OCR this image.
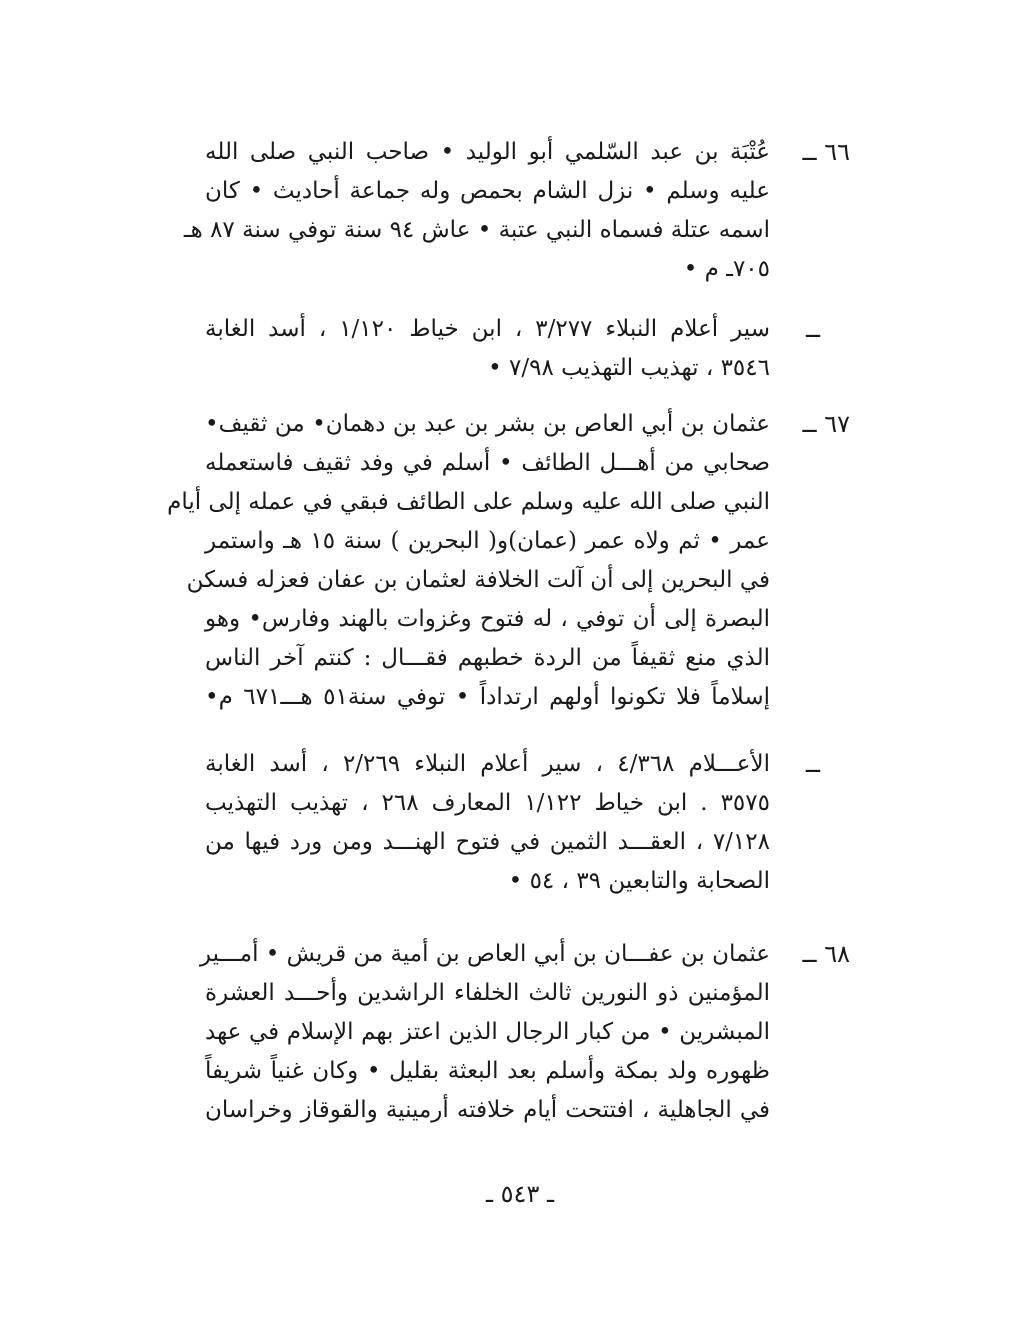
٦٦ ــ
عُتْبَة بن عبد السّلمي أبو الوليد • صاحب النبي صلى الله
عليه وسلم • نزل الشام بحمص وله جماعة أحاديث • كان
اسمه عتلة فسماه النبي عتبة • عاش ٩٤ سنة توفي سنة ٨٧ هـ
٧٠٥ـ م •
ــ
سير أعلام النبلاء ٣/٢٧٧ ، ابن خياط ١/١٢٠ ، أسد الغابة
٣٥٤٦ ، تهذيب التهذيب ٧/٩٨ •
٦٧ ــ
عثمان بن أبي العاص بن بشر بن عبد بن دهمان• من ثقيف•
صحابي من أهـــل الطائف • أسلم في وفد ثقيف فاستعمله
النبي صلى الله عليه وسلم على الطائف فبقي في عمله إلى أيام
عمر • ثم ولاه عمر (عمان)و( البحرين ) سنة ١٥ هـ واستمر
في البحرين إلى أن آلت الخلافة لعثمان بن عفان فعزله فسكن
البصرة إلى أن توفي ، له فتوح وغزوات بالهند وفارس• وهو
الذي منع ثقيفاً من الردة خطبهم فقـــال : كنتم آخر الناس
إسلاماً فلا تكونوا أولهم ارتداداً • توفي سنة٥١ هـــ٦٧١ م•
ــ
الأعـــلام ٤/٣٦٨ ، سير أعلام النبلاء ٢/٢٦٩ ، أسد الغابة
٣٥٧٥ . ابن خياط ١/١٢٢ المعارف ٢٦٨ ، تهذيب التهذيب
٧/١٢٨ ، العقـــد الثمين في فتوح الهنـــد ومن ورد فيها من
الصحابة والتابعين ٣٩ ، ٥٤ •
٦٨ ــ
عثمان بن عفـــان بن أبي العاص بن أمية من قريش • أمـــير
المؤمنين ذو النورين ثالث الخلفاء الراشدين وأحـــد العشرة
المبشرين • من كبار الرجال الذين اعتز بهم الإسلام في عهد
ظهوره ولد بمكة وأسلم بعد البعثة بقليل • وكان غنياً شريفاً
في الجاهلية ، افتتحت أيام خلافته أرمينية والقوقاز وخراسان
ـ ٥٤٣ ـ
